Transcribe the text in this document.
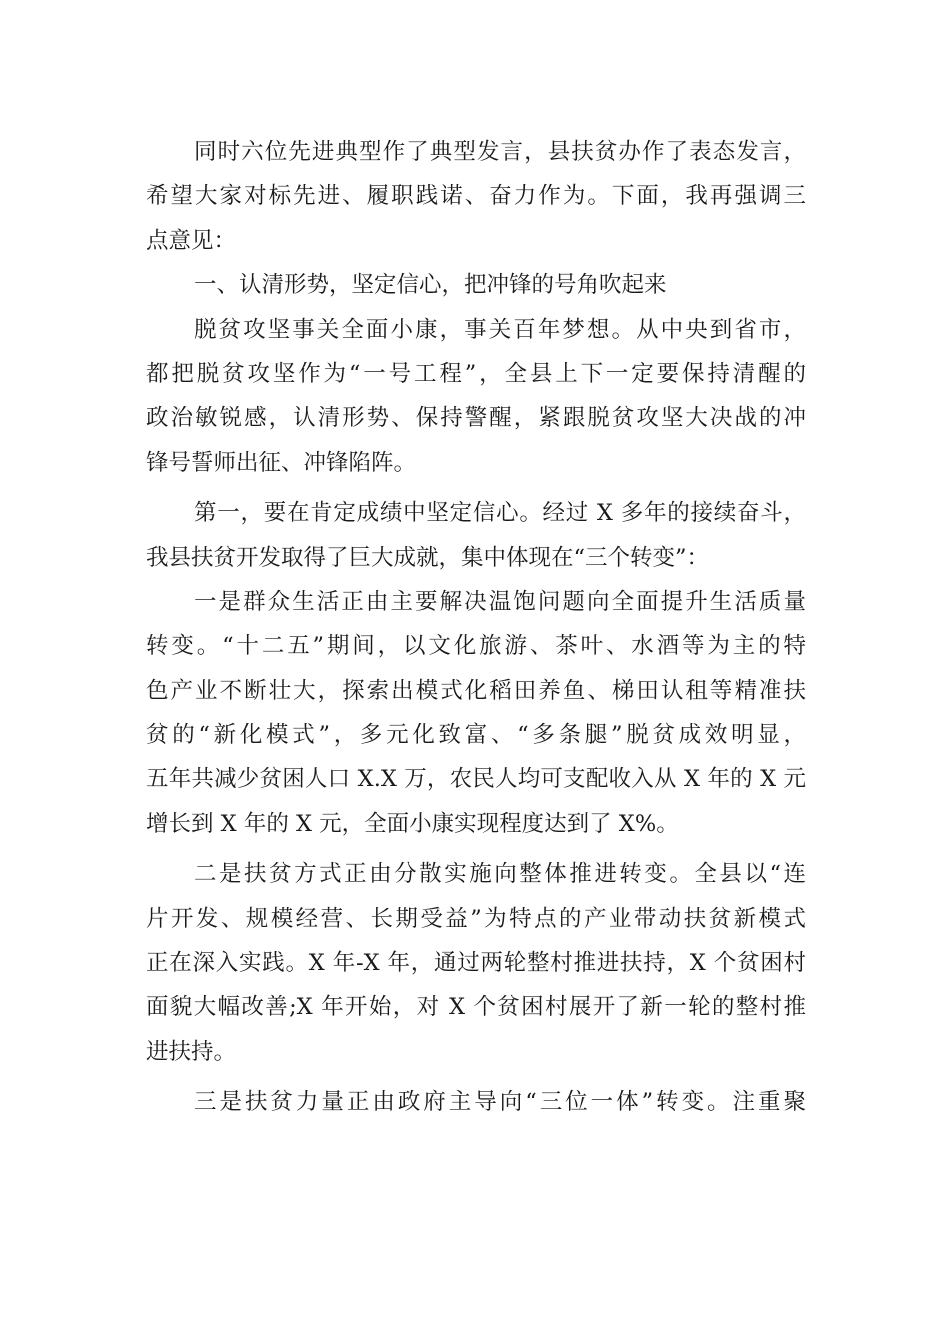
同时六位先进典型作了典型发言，县扶贫办作了表态发言，
希望大家对标先进、履职践诺、奋力作为。下面，我再强调三
点意见：
一、认清形势，坚定信心，把冲锋的号角吹起来
脱贫攻坚事关全面小康，事关百年梦想。从中央到省市，
都把脱贫攻坚作为“一号工程”，全县上下一定要保持清醒的
政治敏锐感，认清形势、保持警醒，紧跟脱贫攻坚大决战的冲
锋号誓师出征、冲锋陷阵。
第一，要在肯定成绩中坚定信心。经过 X 多年的接续奋斗，
我县扶贫开发取得了巨大成就，集中体现在“三个转变”：
一是群众生活正由主要解决温饱问题向全面提升生活质量
转变。“十二五”期间，以文化旅游、茶叶、水酒等为主的特
色产业不断壮大，探索出模式化稻田养鱼、梯田认租等精准扶
贫的“新化模式”，多元化致富、“多条腿”脱贫成效明显，
五年共减少贫困人口 X.X 万，农民人均可支配收入从 X 年的 X 元
增长到 X 年的 X 元，全面小康实现程度达到了 X%。
二是扶贫方式正由分散实施向整体推进转变。全县以“连
片开发、规模经营、长期受益”为特点的产业带动扶贫新模式
正在深入实践。X 年-X 年，通过两轮整村推进扶持，X 个贫困村
面貌大幅改善;X 年开始，对 X 个贫困村展开了新一轮的整村推
进扶持。
三是扶贫力量正由政府主导向“三位一体”转变。注重聚
